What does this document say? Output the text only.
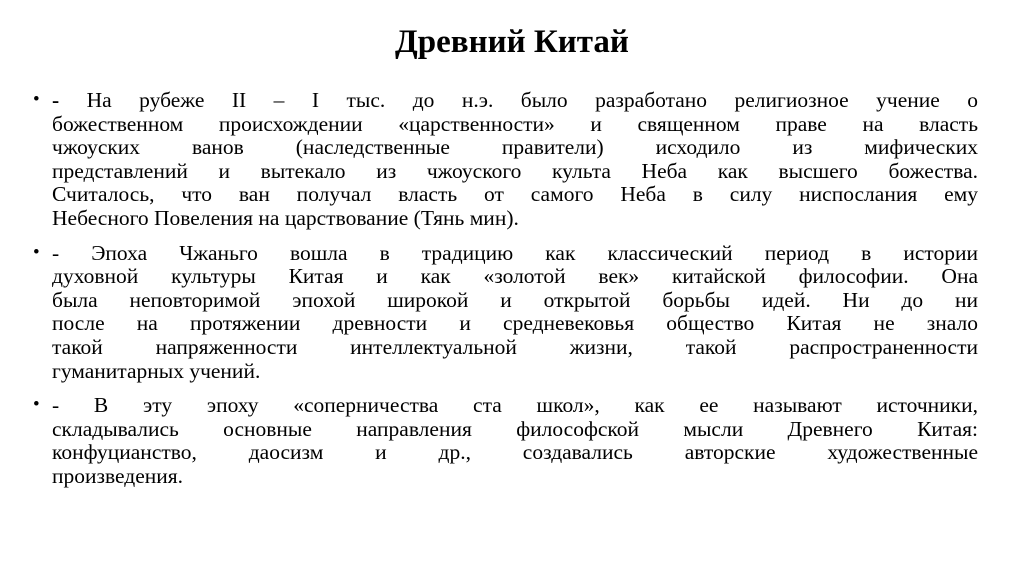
Древний Китай
• - На рубеже II – I тыс. до н.э. было разработано религиозное учение о
божественном происхождении «царственности» и священном праве на власть
чжоуских ванов (наследственные правители) исходило из мифических
представлений и вытекало из чжоуского культа Неба как высшего божества.
Считалось, что ван получал власть от самого Неба в силу ниспослания ему
Небесного Повеления на царствование (Тянь мин).
• - Эпоха Чжаньго вошла в традицию как классический период в истории
духовной культуры Китая и как «золотой век» китайской философии. Она
была неповторимой эпохой широкой и открытой борьбы идей. Ни до ни
после на протяжении древности и средневековья общество Китая не знало
такой напряженности интеллектуальной жизни, такой распространенности
гуманитарных учений.
• - В эту эпоху «соперничества ста школ», как ее называют источники,
складывались основные направления философской мысли Древнего Китая:
конфуцианство, даосизм и др., создавались авторские художественные
произведения.
